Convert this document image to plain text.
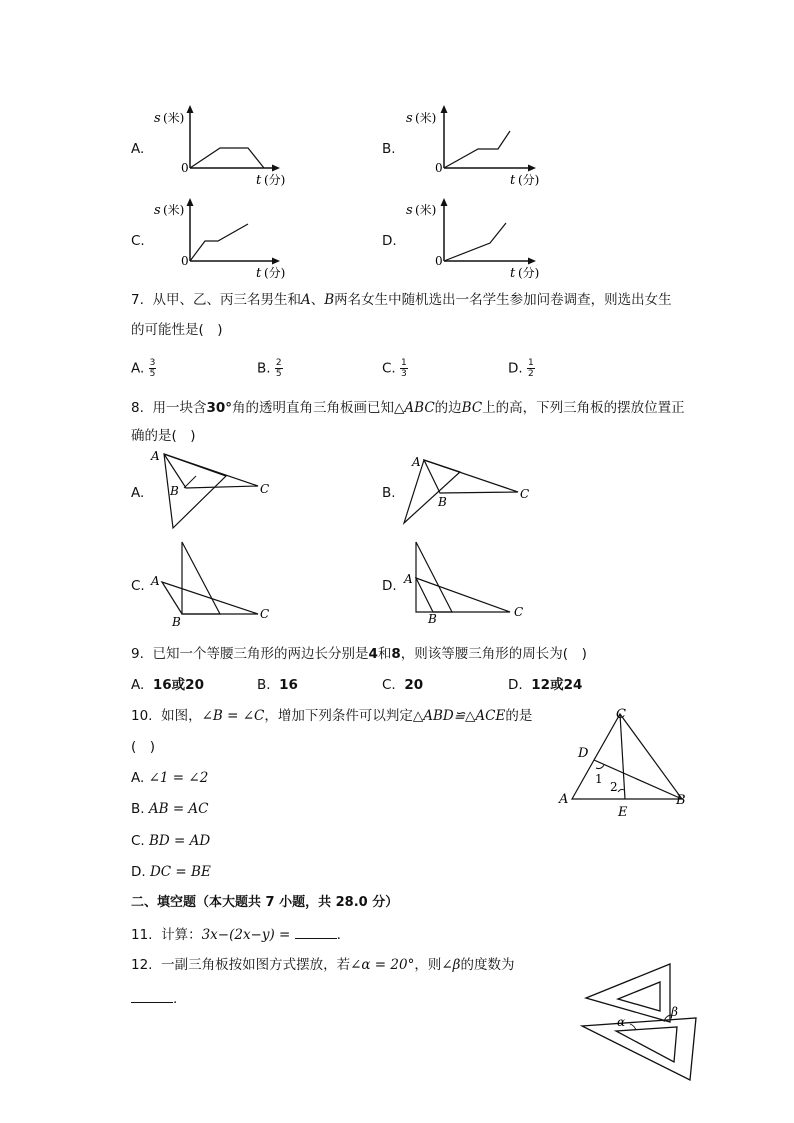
A.	B.
C.	D.
s (米)
0
t (分)
s (米)
0
t (分)
s (米)
0
t (分)
s (米)
0
t (分)
7. 从甲、乙、丙三名男生和A、B两名女生中随机选出一名学生参加问卷调查，则选出女生
的可能性是(　)
A. $\frac{3}{5}$	B. $\frac{2}{5}$	C. $\frac{1}{3}$	D. $\frac{1}{2}$
8. 用一块含30°角的透明直角三角板画已知△ABC的边BC上的高，下列三角板的摆放位置正
确的是(　)
A.	B.
C.	D.
A
B	C
A
B
C
A
B
C
A
B	C
9. 已知一个等腰三角形的两边长分别是4和8，则该等腰三角形的周长为(　)
A. 16或20	B. 16	C. 20	D. 12或24
10. 如图，∠B = ∠C，增加下列条件可以判定△ABD≌△ACE的是
(　)
A. ∠1 = ∠2
B. AB = AC
C. BD = AD
D. DC = BE
C
D
A	B
E
1
2
二、填空题（本大题共 7 小题，共 28.0 分）
11. 计算：3x−(2x−y) =	.
12. 一副三角板按如图方式摆放，若∠α = 20°，则∠β的度数为
.
α
β
